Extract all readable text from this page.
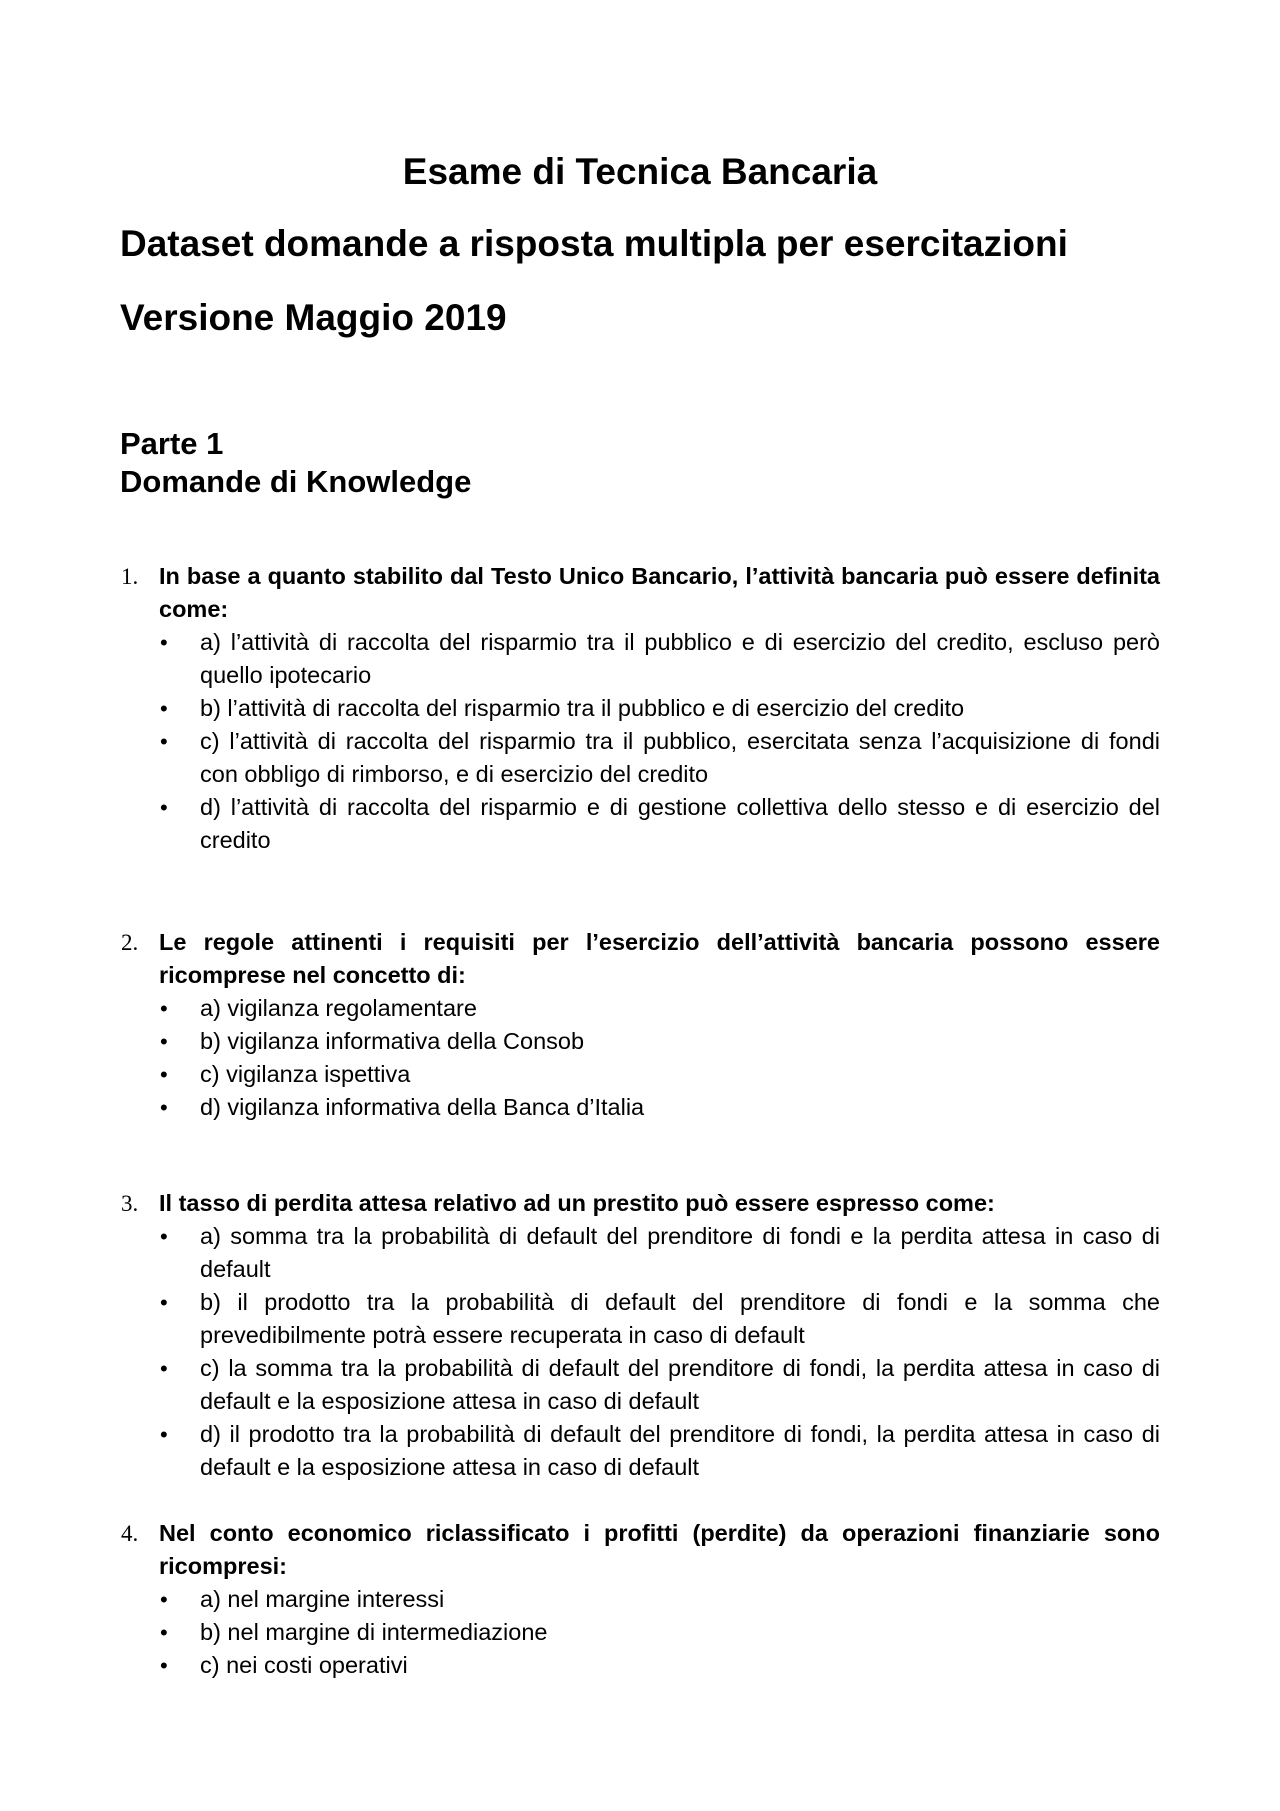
Esame di Tecnica Bancaria
Dataset domande a risposta multipla per esercitazioni
Versione Maggio 2019
Parte 1
Domande di Knowledge
1. In base a quanto stabilito dal Testo Unico Bancario, l’attività bancaria può essere definita come:
•	a) l’attività di raccolta del risparmio tra il pubblico e di esercizio del credito, escluso però quello ipotecario
•	b) l’attività di raccolta del risparmio tra il pubblico e di esercizio del credito
•	c) l’attività di raccolta del risparmio tra il pubblico, esercitata senza l’acquisizione di fondi con obbligo di rimborso, e di esercizio del credito
•	d) l’attività di raccolta del risparmio e di gestione collettiva dello stesso e di esercizio del credito
2. Le regole attinenti i requisiti per l’esercizio dell’attività bancaria possono essere ricomprese nel concetto di:
•	a) vigilanza regolamentare
•	b) vigilanza informativa della Consob
•	c) vigilanza ispettiva
•	d) vigilanza informativa della Banca d’Italia
3. Il tasso di perdita attesa relativo ad un prestito può essere espresso come:
•	a) somma tra la probabilità di default del prenditore di fondi e la perdita attesa in caso di default
•	b) il prodotto tra la probabilità di default del prenditore di fondi e la somma che prevedibilmente potrà essere recuperata in caso di default
•	c) la somma tra la probabilità di default del prenditore di fondi, la perdita attesa in caso di default e la esposizione attesa in caso di default
•	d) il prodotto tra la probabilità di default del prenditore di fondi, la perdita attesa in caso di default e la esposizione attesa in caso di default
4. Nel conto economico riclassificato i profitti (perdite) da operazioni finanziarie sono ricompresi:
•	a) nel margine interessi
•	b) nel margine di intermediazione
•	c) nei costi operativi
